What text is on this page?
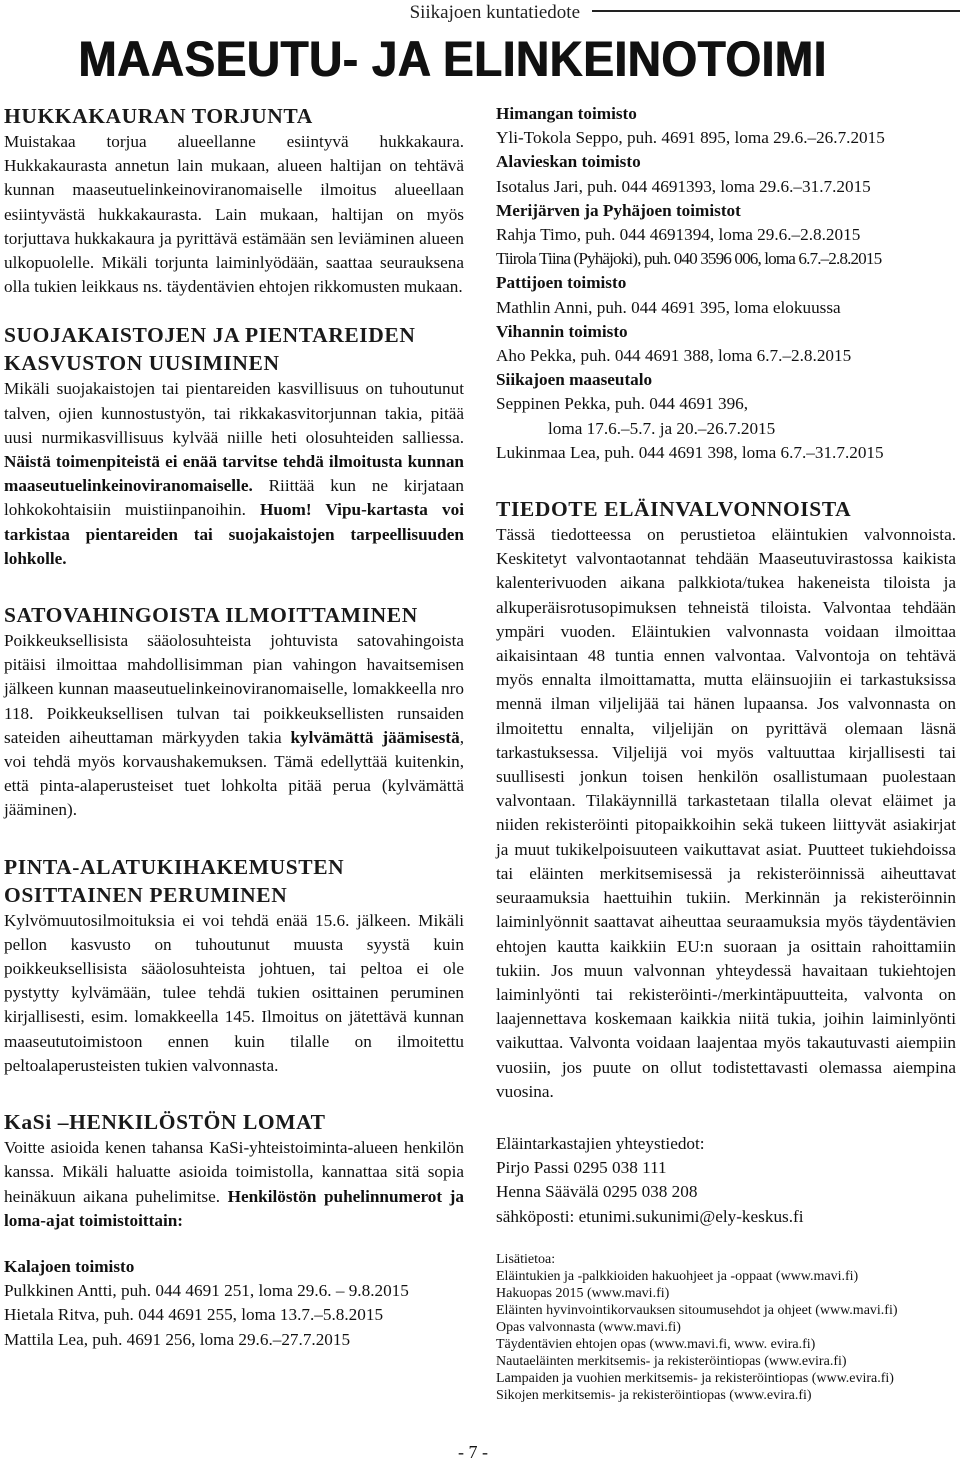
Siikajoen kuntatiedote
MAASEUTU- JA ELINKEINOTOIMI
HUKKAKAURAN TORJUNTA

Muistakaa torjua alueellanne esiintyvä hukkakaura. Hukkakaurasta annetun lain mukaan, alueen haltijan on tehtävä kunnan maaseutuelinkeinoviranomaiselle ilmoitus alueellaan esiintyvästä hukkakaurasta. Lain mukaan, haltijan on myös torjuttava hukkakaura ja pyrittävä estämään sen leviäminen alueen ulkopuolelle. Mikäli torjunta laiminlyödään, saattaa seurauksena olla tukien leikkaus ns. täydentävien ehtojen rikkomusten mukaan.

SUOJAKAISTOJEN JA PIENTAREIDEN KASVUSTON UUSIMINEN

Mikäli suojakaistojen tai pientareiden kasvillisuus on tuhoutunut talven, ojien kunnostustyön, tai rikkakasvitorjunnan takia, pitää uusi nurmikasvillisuus kylvää niille heti olosuhteiden salliessa. Näistä toimenpiteistä ei enää tarvitse tehdä ilmoitusta kunnan maaseutuelinkeinoviranomaiselle. Riittää kun ne kirjataan lohkokohtaisiin muistiinpanoihin. Huom! Vipu-kartasta voi tarkistaa pientareiden tai suojakaistojen tarpeellisuuden lohkolle.

SATOVAHINGOISTA ILMOITTAMINEN

Poikkeuksellisista sääolosuhteista johtuvista satovahingoista pitäisi ilmoittaa mahdollisimman pian vahingon havaitsemisen jälkeen kunnan maaseutuelinkeinoviranomaiselle, lomakkeella nro 118. Poikkeuksellisen tulvan tai poikkeuksellisten runsaiden sateiden aiheuttaman märkyyden takia kylvämättä jäämisestä, voi tehdä myös korvaushakemuksen. Tämä edellyttää kuitenkin, että pinta-alaperusteiset tuet lohkolta pitää perua (kylvämättä jääminen).

PINTA-ALATUKIHAKEMUSTEN OSITTAINEN PERUMINEN

Kylvömuutosilmoituksia ei voi tehdä enää 15.6. jälkeen. Mikäli pellon kasvusto on tuhoutunut muusta syystä kuin poikkeuksellisista sääolosuhteista johtuen, tai peltoa ei ole pystytty kylvämään, tulee tehdä tukien osittainen peruminen kirjallisesti, esim. lomakkeella 145. Ilmoitus on jätettävä kunnan maaseututoimistoon ennen kuin tilalle on ilmoitettu peltoalaperusteisten tukien valvonnasta.

KaSi –HENKILÖSTÖN LOMAT

Voitte asioida kenen tahansa KaSi-yhteistoiminta-alueen henkilön kanssa. Mikäli haluatte asioida toimistolla, kannattaa sitä sopia heinäkuun aikana puhelimitse. Henkilöstön puhelinnumerot ja loma-ajat toimistoittain:

Kalajoen toimisto

Pulkkinen Antti, puh. 044 4691 251, loma 29.6. – 9.8.2015

Hietala Ritva, puh. 044 4691 255, loma 13.7.–5.8.2015

Mattila Lea, puh. 4691 256, loma 29.6.–27.7.2015

Himangan toimisto

Yli-Tokola Seppo, puh. 4691 895, loma 29.6.–26.7.2015

Alavieskan toimisto

Isotalus Jari, puh. 044 4691393, loma 29.6.–31.7.2015

Merijärven ja Pyhäjoen toimistot

Rahja Timo, puh. 044 4691394, loma 29.6.–2.8.2015

Tiirola Tiina (Pyhäjoki), puh. 040 3596 006, loma 6.7.–2.8.2015

Pattijoen toimisto

Mathlin Anni, puh. 044 4691 395, loma elokuussa

Vihannin toimisto

Aho Pekka, puh. 044 4691 388, loma 6.7.–2.8.2015

Siikajoen maaseutalo

Seppinen Pekka, puh. 044 4691 396,

loma 17.6.–5.7. ja 20.–26.7.2015

Lukinmaa Lea, puh. 044 4691 398, loma 6.7.–31.7.2015

TIEDOTE ELÄINVALVONNOISTA

Tässä tiedotteessa on perustietoa eläintukien valvonnoista. Keskitetyt valvontaotannat tehdään Maaseutuvirastossa kaikista kalenterivuoden aikana palkkiota/tukea hakeneista tiloista ja alkuperäisrotusopimuksen tehneistä tiloista. Valvontaa tehdään ympäri vuoden. Eläintukien valvonnasta voidaan ilmoittaa aikaisintaan 48 tuntia ennen valvontaa. Valvontoja on tehtävä myös ennalta ilmoittamatta, mutta eläinsuojiin ei tarkastuksissa mennä ilman viljelijää tai hänen lupaansa. Jos valvonnasta on ilmoitettu ennalta, viljelijän on pyrittävä olemaan läsnä tarkastuksessa. Viljelijä voi myös valtuuttaa kirjallisesti tai suullisesti jonkun toisen henkilön osallistumaan puolestaan valvontaan. Tilakäynnillä tarkastetaan tilalla olevat eläimet ja niiden rekisteröinti pitopaikkoihin sekä tukeen liittyvät asiakirjat ja muut tukikelpoisuuteen vaikuttavat asiat. Puutteet tukiehdoissa tai eläinten merkitsemisessä ja rekisteröinnissä aiheuttavat seuraamuksia haettuihin tukiin. Merkinnän ja rekisteröinnin laiminlyönnit saattavat aiheuttaa seuraamuksia myös täydentävien ehtojen kautta kaikkiin EU:n suoraan ja osittain rahoittamiin tukiin. Jos muun valvonnan yhteydessä havaitaan tukiehtojen laiminlyönti tai rekisteröinti-/merkintäpuutteita, valvonta on laajennettava koskemaan kaikkia niitä tukia, joihin laiminlyönti vaikuttaa. Valvonta voidaan laajentaa myös takautuvasti aiempiin vuosiin, jos puute on ollut todistettavasti olemassa aiempina vuosina.

Eläintarkastajien yhteystiedot:

Pirjo Passi 0295 038 111

Henna Säävälä 0295 038 208

sähköposti: etunimi.sukunimi@ely-keskus.fi

Lisätietoa:

Eläintukien ja -palkkioiden hakuohjeet ja -oppaat (www.mavi.fi)

Hakuopas 2015 (www.mavi.fi)

Eläinten hyvinvointikorvauksen sitoumusehdot ja ohjeet (www.mavi.fi)

Opas valvonnasta (www.mavi.fi)

Täydentävien ehtojen opas (www.mavi.fi, www. evira.fi)

Nautaeläinten merkitsemis- ja rekisteröintiopas (www.evira.fi)

Lampaiden ja vuohien merkitsemis- ja rekisteröintiopas (www.evira.fi)

Sikojen merkitsemis- ja rekisteröintiopas (www.evira.fi)

- 7 -
